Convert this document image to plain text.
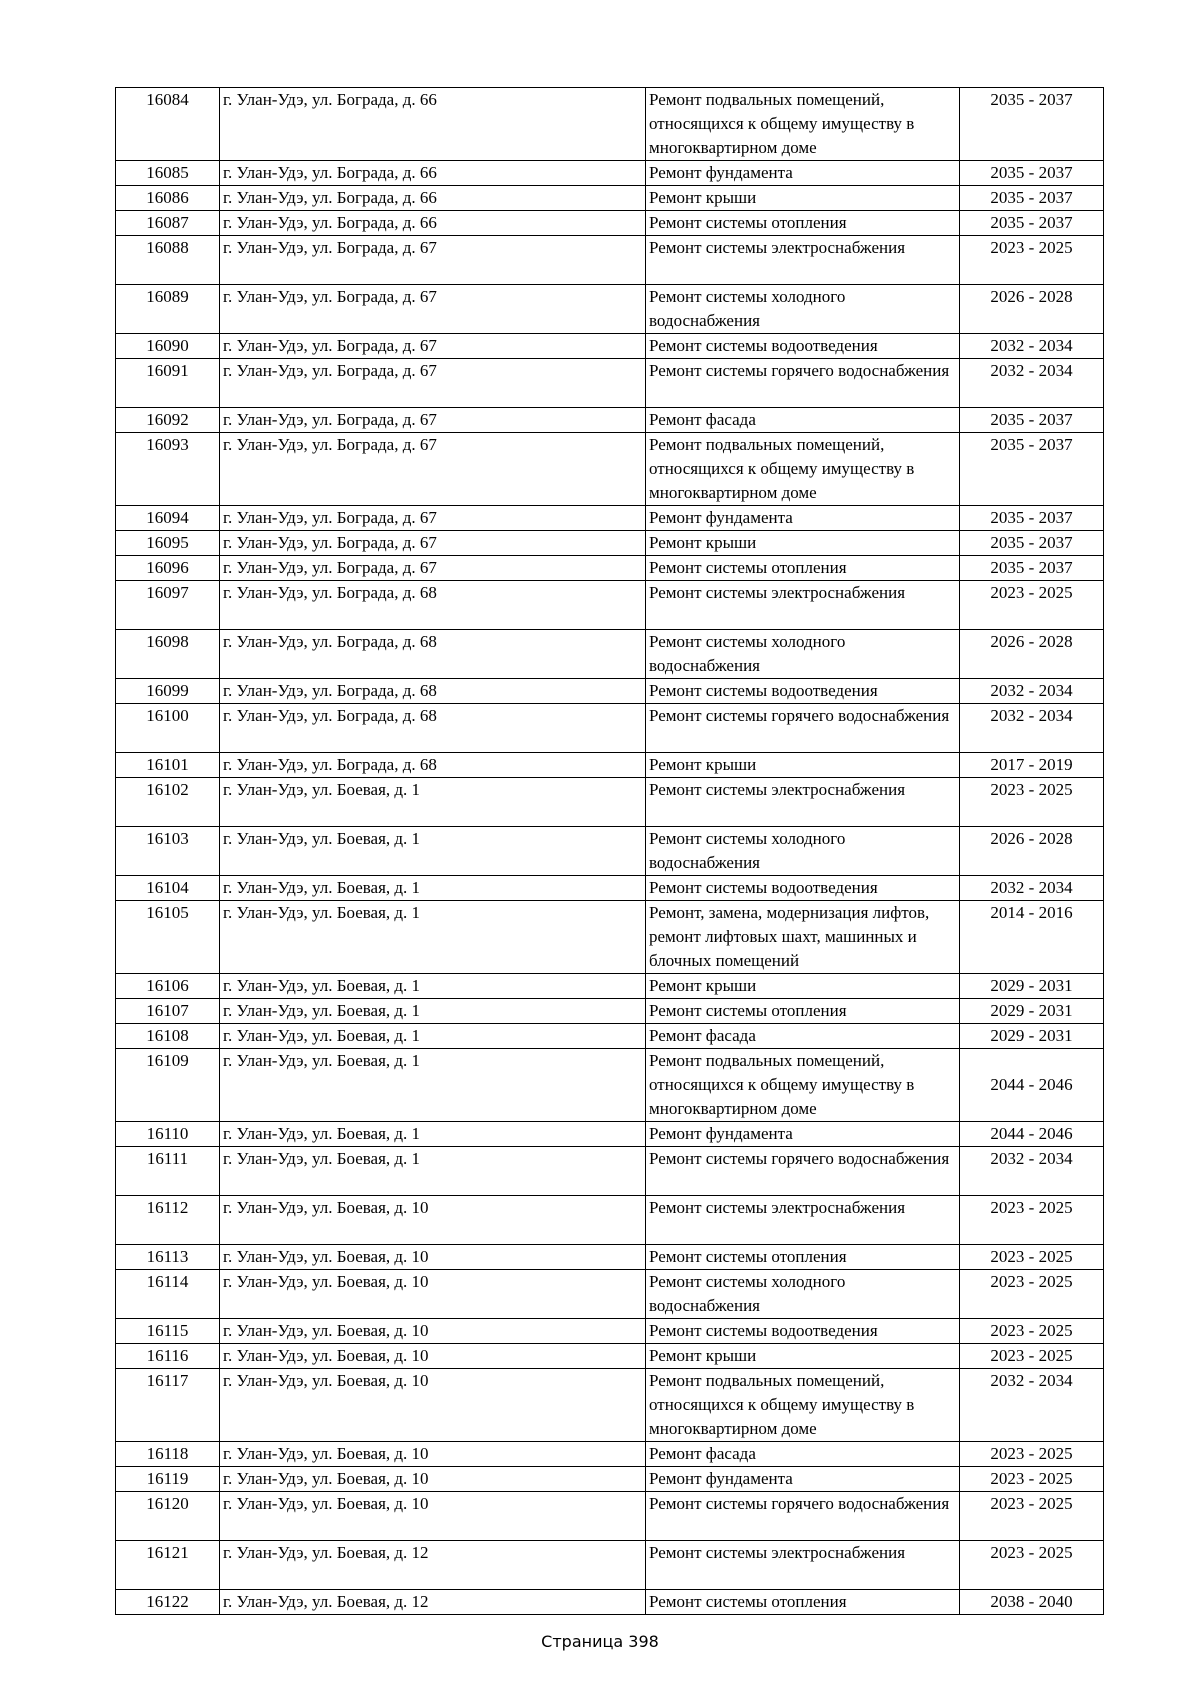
16084	г. Улан-Удэ, ул. Бограда, д. 66	Ремонт подвальных помещений, относящихся к общему имуществу в многоквартирном доме	2035 - 2037
16085	г. Улан-Удэ, ул. Бограда, д. 66	Ремонт фундамента	2035 - 2037
16086	г. Улан-Удэ, ул. Бограда, д. 66	Ремонт крыши	2035 - 2037
16087	г. Улан-Удэ, ул. Бограда, д. 66	Ремонт системы отопления	2035 - 2037
16088	г. Улан-Удэ, ул. Бограда, д. 67	Ремонт системы электроснабжения	2023 - 2025
16089	г. Улан-Удэ, ул. Бограда, д. 67	Ремонт системы холодного водоснабжения	2026 - 2028
16090	г. Улан-Удэ, ул. Бограда, д. 67	Ремонт системы водоотведения	2032 - 2034
16091	г. Улан-Удэ, ул. Бограда, д. 67	Ремонт системы горячего водоснабжения	2032 - 2034
16092	г. Улан-Удэ, ул. Бограда, д. 67	Ремонт фасада	2035 - 2037
16093	г. Улан-Удэ, ул. Бограда, д. 67	Ремонт подвальных помещений, относящихся к общему имуществу в многоквартирном доме	2035 - 2037
16094	г. Улан-Удэ, ул. Бограда, д. 67	Ремонт фундамента	2035 - 2037
16095	г. Улан-Удэ, ул. Бограда, д. 67	Ремонт крыши	2035 - 2037
16096	г. Улан-Удэ, ул. Бограда, д. 67	Ремонт системы отопления	2035 - 2037
16097	г. Улан-Удэ, ул. Бограда, д. 68	Ремонт системы электроснабжения	2023 - 2025
16098	г. Улан-Удэ, ул. Бограда, д. 68	Ремонт системы холодного водоснабжения	2026 - 2028
16099	г. Улан-Удэ, ул. Бограда, д. 68	Ремонт системы водоотведения	2032 - 2034
16100	г. Улан-Удэ, ул. Бограда, д. 68	Ремонт системы горячего водоснабжения	2032 - 2034
16101	г. Улан-Удэ, ул. Бограда, д. 68	Ремонт крыши	2017 - 2019
16102	г. Улан-Удэ, ул. Боевая, д. 1	Ремонт системы электроснабжения	2023 - 2025
16103	г. Улан-Удэ, ул. Боевая, д. 1	Ремонт системы холодного водоснабжения	2026 - 2028
16104	г. Улан-Удэ, ул. Боевая, д. 1	Ремонт системы водоотведения	2032 - 2034
16105	г. Улан-Удэ, ул. Боевая, д. 1	Ремонт, замена, модернизация лифтов, ремонт лифтовых шахт, машинных и блочных помещений	2014 - 2016
16106	г. Улан-Удэ, ул. Боевая, д. 1	Ремонт крыши	2029 - 2031
16107	г. Улан-Удэ, ул. Боевая, д. 1	Ремонт системы отопления	2029 - 2031
16108	г. Улан-Удэ, ул. Боевая, д. 1	Ремонт фасада	2029 - 2031
16109	г. Улан-Удэ, ул. Боевая, д. 1	Ремонт подвальных помещений, относящихся к общему имуществу в многоквартирном доме	2044 - 2046
16110	г. Улан-Удэ, ул. Боевая, д. 1	Ремонт фундамента	2044 - 2046
16111	г. Улан-Удэ, ул. Боевая, д. 1	Ремонт системы горячего водоснабжения	2032 - 2034
16112	г. Улан-Удэ, ул. Боевая, д. 10	Ремонт системы электроснабжения	2023 - 2025
16113	г. Улан-Удэ, ул. Боевая, д. 10	Ремонт системы отопления	2023 - 2025
16114	г. Улан-Удэ, ул. Боевая, д. 10	Ремонт системы холодного водоснабжения	2023 - 2025
16115	г. Улан-Удэ, ул. Боевая, д. 10	Ремонт системы водоотведения	2023 - 2025
16116	г. Улан-Удэ, ул. Боевая, д. 10	Ремонт крыши	2023 - 2025
16117	г. Улан-Удэ, ул. Боевая, д. 10	Ремонт подвальных помещений, относящихся к общему имуществу в многоквартирном доме	2032 - 2034
16118	г. Улан-Удэ, ул. Боевая, д. 10	Ремонт фасада	2023 - 2025
16119	г. Улан-Удэ, ул. Боевая, д. 10	Ремонт фундамента	2023 - 2025
16120	г. Улан-Удэ, ул. Боевая, д. 10	Ремонт системы горячего водоснабжения	2023 - 2025
16121	г. Улан-Удэ, ул. Боевая, д. 12	Ремонт системы электроснабжения	2023 - 2025
16122	г. Улан-Удэ, ул. Боевая, д. 12	Ремонт системы отопления	2038 - 2040
Страница 398
